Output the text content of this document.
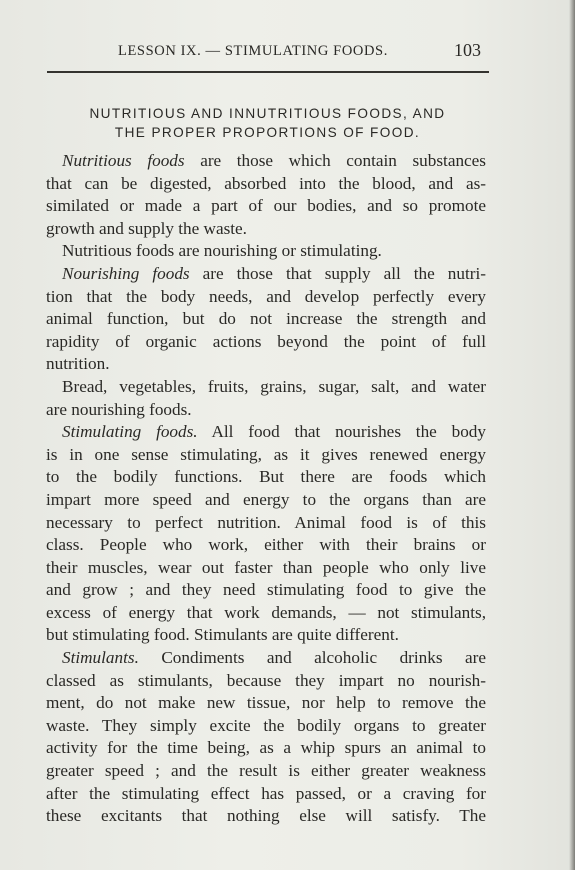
LESSON IX. — STIMULATING FOODS.	103
NUTRITIOUS AND INNUTRITIOUS FOODS, AND
THE PROPER PROPORTIONS OF FOOD.
Nutritious foods are those which contain substances
that can be digested, absorbed into the blood, and as-
similated or made a part of our bodies, and so promote
growth and supply the waste.
Nutritious foods are nourishing or stimulating.
Nourishing foods are those that supply all the nutri-
tion that the body needs, and develop perfectly every
animal function, but do not increase the strength and
rapidity of organic actions beyond the point of full
nutrition.
Bread, vegetables, fruits, grains, sugar, salt, and water
are nourishing foods.
Stimulating foods. All food that nourishes the body
is in one sense stimulating, as it gives renewed energy
to the bodily functions. But there are foods which
impart more speed and energy to the organs than are
necessary to perfect nutrition. Animal food is of this
class. People who work, either with their brains or
their muscles, wear out faster than people who only live
and grow ; and they need stimulating food to give the
excess of energy that work demands, — not stimulants,
but stimulating food. Stimulants are quite different.
Stimulants. Condiments and alcoholic drinks are
classed as stimulants, because they impart no nourish-
ment, do not make new tissue, nor help to remove the
waste. They simply excite the bodily organs to greater
activity for the time being, as a whip spurs an animal to
greater speed ; and the result is either greater weakness
after the stimulating effect has passed, or a craving for
these excitants that nothing else will satisfy. The
